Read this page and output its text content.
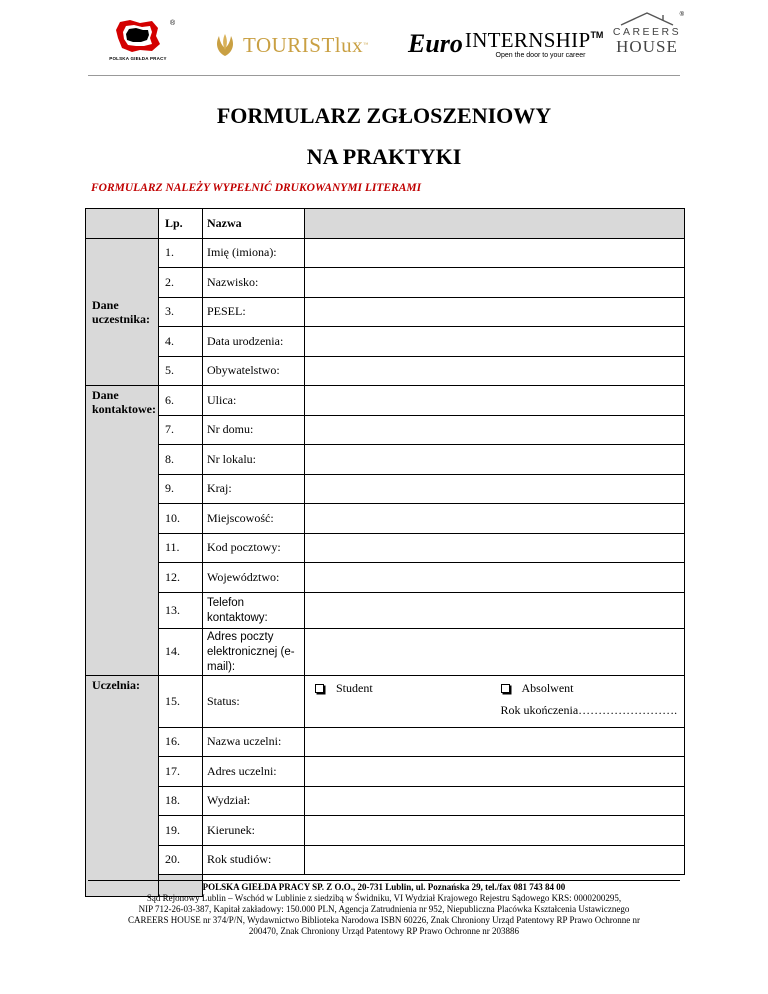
POLSKA GIEŁDA PRACY
®
TOURISTlux ™ Euro INTERNSHIP™
Open the door to your career
®
CAREERS
HOUSE
FORMULARZ ZGŁOSZENIOWY
NA PRAKTYKI
FORMULARZ NALEŻY WYPEŁNIĆ DRUKOWANYMI LITERAMI
	Lp.	Nazwa		

Dane uczestnika:	1.	Imię (imiona):		
	2.	Nazwisko:		
	3.	PESEL:		
	4.	Data urodzenia:		
	5.	Obywatelstwo:		

Dane kontaktowe:	6.	Ulica:		
	7.	Nr domu:		
	8.	Nr lokalu:		
	9.	Kraj:		
	10.	Miejscowość:		
	11.	Kod pocztowy:		
	12.	Województwo:		
	13.	Telefon kontaktowy:		
	14.	Adres poczty elektronicznej (e-mail):		

Uczelnia:	15.	Status:	Student	Absolwent
Rok ukończenia…………………….

	16.	Nazwa uczelni:		
	17.	Adres uczelni:		
	18.	Wydział:		
	19.	Kierunek:		
	20.	Rok studiów:		

POLSKA GIEŁDA PRACY SP. Z O.O., 20-731 Lublin, ul. Poznańska 29, tel./fax 081 743 84 00
Sąd Rejonowy Lublin – Wschód w Lublinie z siedzibą w Świdniku, VI Wydział Krajowego Rejestru Sądowego KRS: 0000200295,
NIP 712-26-03-387, Kapitał zakładowy: 150.000 PLN, Agencja Zatrudnienia nr 952, Niepubliczna Placówka Kształcenia Ustawicznego
CAREERS HOUSE nr 374/P/N, Wydawnictwo Biblioteka Narodowa ISBN 60226, Znak Chroniony Urząd Patentowy RP Prawo Ochronne nr
200470, Znak Chroniony Urząd Patentowy RP Prawo Ochronne nr 203886
